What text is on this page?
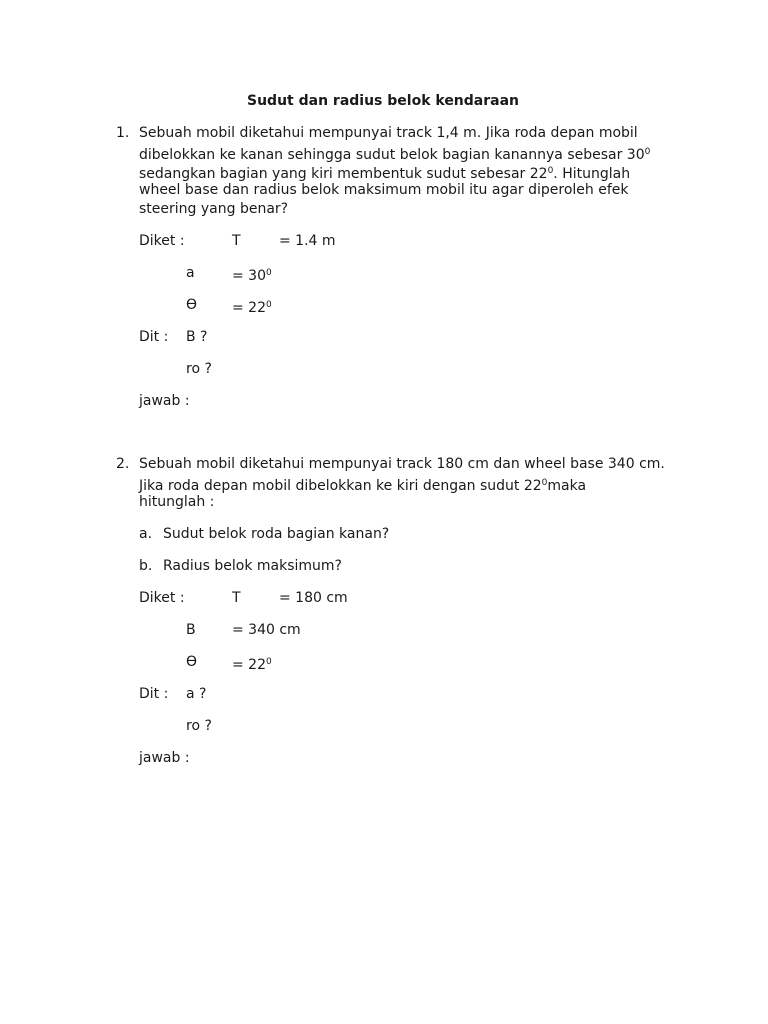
Sudut dan radius belok kendaraan
1. Sebuah mobil diketahui mempunyai track 1,4 m. Jika roda depan mobil
dibelokkan ke kanan sehingga sudut belok bagian kanannya sebesar $30^0$
sedangkan bagian yang kiri membentuk sudut sebesar $22^0$. Hitunglah
wheel base dan radius belok maksimum mobil itu agar diperoleh efek
steering yang benar?
Diket :	T	= 1.4 m
a	= $30^0$
$Ө = 22^0$
Dit : B ?
ro ?
jawab :
2. Sebuah mobil diketahui mempunyai track 180 cm dan wheel base 340 cm.
Jika roda depan mobil dibelokkan ke kiri dengan sudut $22^0maka$
hitunglah :
a. Sudut belok roda bagian kanan?
b. Radius belok maksimum?
Diket :	T	= 180 cm
B	= 340 cm
$Ө = 22^0$
Dit : a ?
ro ?
jawab :
